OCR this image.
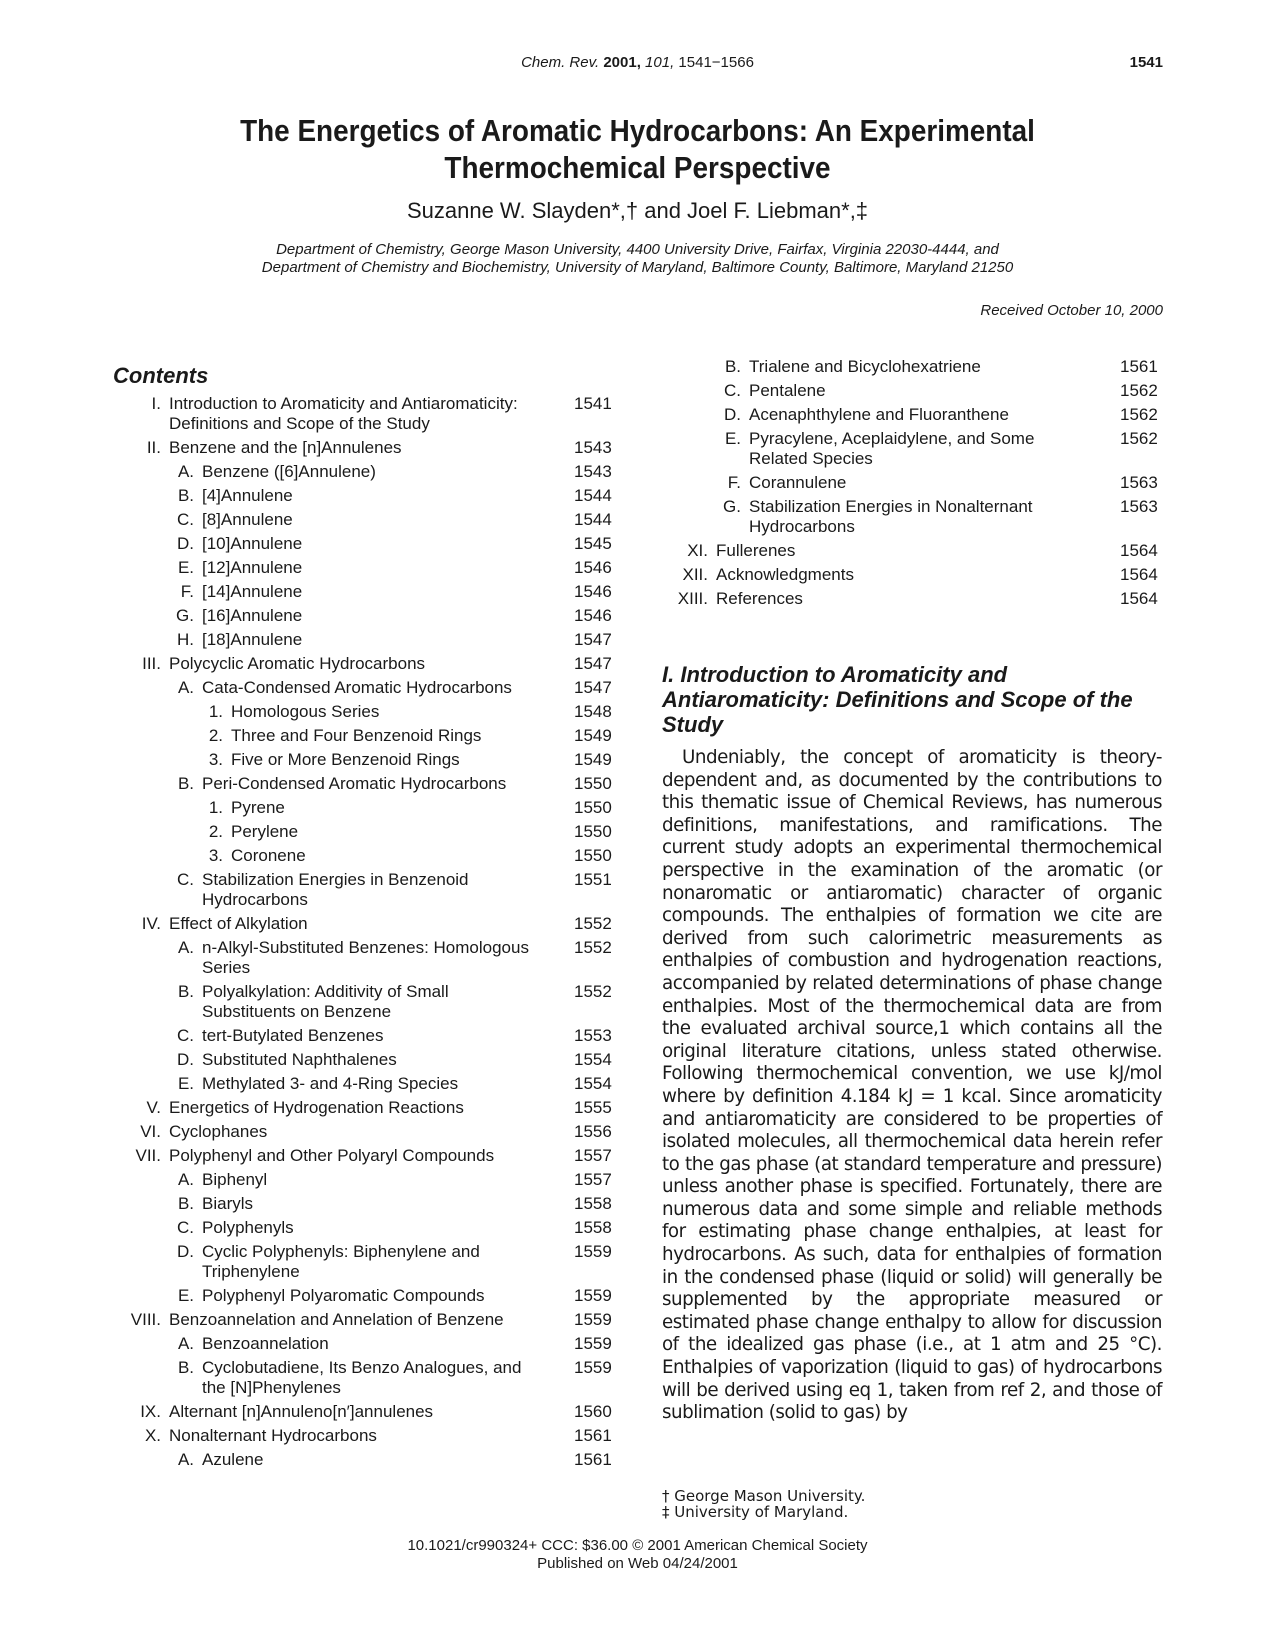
Chem. Rev. 2001, 101, 1541−1566	1541
The Energetics of Aromatic Hydrocarbons: An Experimental Thermochemical Perspective
Suzanne W. Slayden*,† and Joel F. Liebman*,‡
Department of Chemistry, George Mason University, 4400 University Drive, Fairfax, Virginia 22030-4444, and
Department of Chemistry and Biochemistry, University of Maryland, Baltimore County, Baltimore, Maryland 21250
Received October 10, 2000
Contents
I. Introduction to Aromaticity and Antiaromaticity:	1541
Definitions and Scope of the Study
II. Benzene and the [n]Annulenes	1543
A. Benzene ([6]Annulene)	1543
B. [4]Annulene	1544
C. [8]Annulene	1544
D. [10]Annulene	1545
E. [12]Annulene	1546
F. [14]Annulene	1546
G. [16]Annulene	1546
H. [18]Annulene	1547
III. Polycyclic Aromatic Hydrocarbons	1547
A. Cata-Condensed Aromatic Hydrocarbons	1547
1. Homologous Series	1548
2. Three and Four Benzenoid Rings	1549
3. Five or More Benzenoid Rings	1549
B. Peri-Condensed Aromatic Hydrocarbons	1550
1. Pyrene	1550
2. Perylene	1550
3. Coronene	1550
C. Stabilization Energies in Benzenoid	1551
Hydrocarbons
IV. Effect of Alkylation	1552
A. n-Alkyl-Substituted Benzenes: Homologous	1552
Series
B. Polyalkylation: Additivity of Small	1552
Substituents on Benzene
C. tert-Butylated Benzenes	1553
D. Substituted Naphthalenes	1554
E. Methylated 3- and 4-Ring Species	1554
V. Energetics of Hydrogenation Reactions	1555
VI. Cyclophanes	1556
VII. Polyphenyl and Other Polyaryl Compounds	1557
A. Biphenyl	1557
B. Biaryls	1558
C. Polyphenyls	1558
D. Cyclic Polyphenyls: Biphenylene and	1559
Triphenylene
E. Polyphenyl Polyaromatic Compounds	1559
VIII. Benzoannelation and Annelation of Benzene	1559
A. Benzoannelation	1559
B. Cyclobutadiene, Its Benzo Analogues, and	1559
the [N]Phenylenes
IX. Alternant [n]Annuleno[n′]annulenes	1560
X. Nonalternant Hydrocarbons	1561
A. Azulene	1561
B. Trialene and Bicyclohexatriene	1561
C. Pentalene	1562
D. Acenaphthylene and Fluoranthene	1562
E. Pyracylene, Aceplaidylene, and Some	1562
Related Species
F. Corannulene	1563
G. Stabilization Energies in Nonalternant	1563
Hydrocarbons
XI. Fullerenes	1564
XII. Acknowledgments	1564
XIII. References	1564
I. Introduction to Aromaticity and Antiaromaticity: Definitions and Scope of the Study
Undeniably, the concept of aromaticity is theory-dependent and, as documented by the contributions to this thematic issue of Chemical Reviews, has numerous definitions, manifestations, and ramifications. The current study adopts an experimental thermochemical perspective in the examination of the aromatic (or nonaromatic or antiaromatic) character of organic compounds. The enthalpies of formation we cite are derived from such calorimetric measurements as enthalpies of combustion and hydrogenation reactions, accompanied by related determinations of phase change enthalpies. Most of the thermochemical data are from the evaluated archival source,1 which contains all the original literature citations, unless stated otherwise. Following thermochemical convention, we use kJ/mol where by definition 4.184 kJ = 1 kcal. Since aromaticity and antiaromaticity are considered to be properties of isolated molecules, all thermochemical data herein refer to the gas phase (at standard temperature and pressure) unless another phase is specified. Fortunately, there are numerous data and some simple and reliable methods for estimating phase change enthalpies, at least for hydrocarbons. As such, data for enthalpies of formation in the condensed phase (liquid or solid) will generally be supplemented by the appropriate measured or estimated phase change enthalpy to allow for discussion of the idealized gas phase (i.e., at 1 atm and 25 °C). Enthalpies of vaporization (liquid to gas) of hydrocarbons will be derived using eq 1, taken from ref 2, and those of sublimation (solid to gas) by
† George Mason University.
‡ University of Maryland.
10.1021/cr990324+ CCC: $36.00 © 2001 American Chemical Society
Published on Web 04/24/2001
